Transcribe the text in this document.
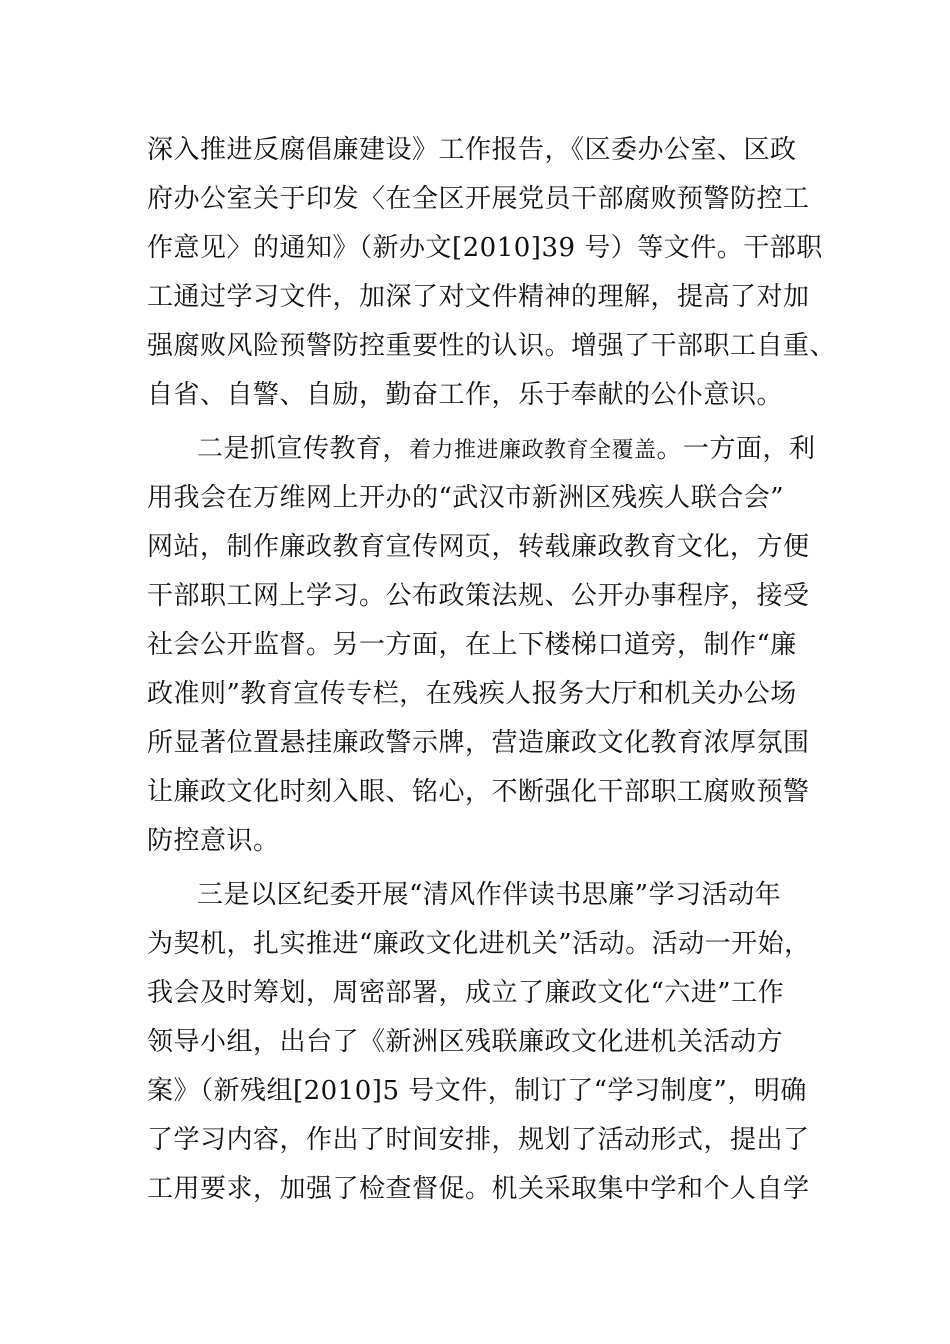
深入推进反腐倡廉建设》工作报告，《区委办公室、区政
府办公室关于印发〈在全区开展党员干部腐败预警防控工
作意见〉的通知》（新办文[2010]39 号）等文件。干部职
工通过学习文件，加深了对文件精神的理解，提高了对加
强腐败风险预警防控重要性的认识。增强了干部职工自重、
自省、自警、自励，勤奋工作，乐于奉献的公仆意识。
二是抓宣传教育，着力推进廉政教育全覆盖。一方面，利
用我会在万维网上开办的“武汉市新洲区残疾人联合会”
网站，制作廉政教育宣传网页，转载廉政教育文化，方便
干部职工网上学习。公布政策法规、公开办事程序，接受
社会公开监督。另一方面，在上下楼梯口道旁，制作“廉
政准则”教育宣传专栏，在残疾人报务大厅和机关办公场
所显著位置悬挂廉政警示牌，营造廉政文化教育浓厚氛围
让廉政文化时刻入眼、铭心，不断强化干部职工腐败预警
防控意识。
三是以区纪委开展“清风作伴读书思廉”学习活动年
为契机，扎实推进“廉政文化进机关”活动。活动一开始，
我会及时筹划，周密部署，成立了廉政文化“六进”工作
领导小组，出台了《新洲区残联廉政文化进机关活动方
案》（新残组[2010]5 号文件，制订了“学习制度”，明确
了学习内容，作出了时间安排，规划了活动形式，提出了
工用要求，加强了检查督促。机关采取集中学和个人自学
